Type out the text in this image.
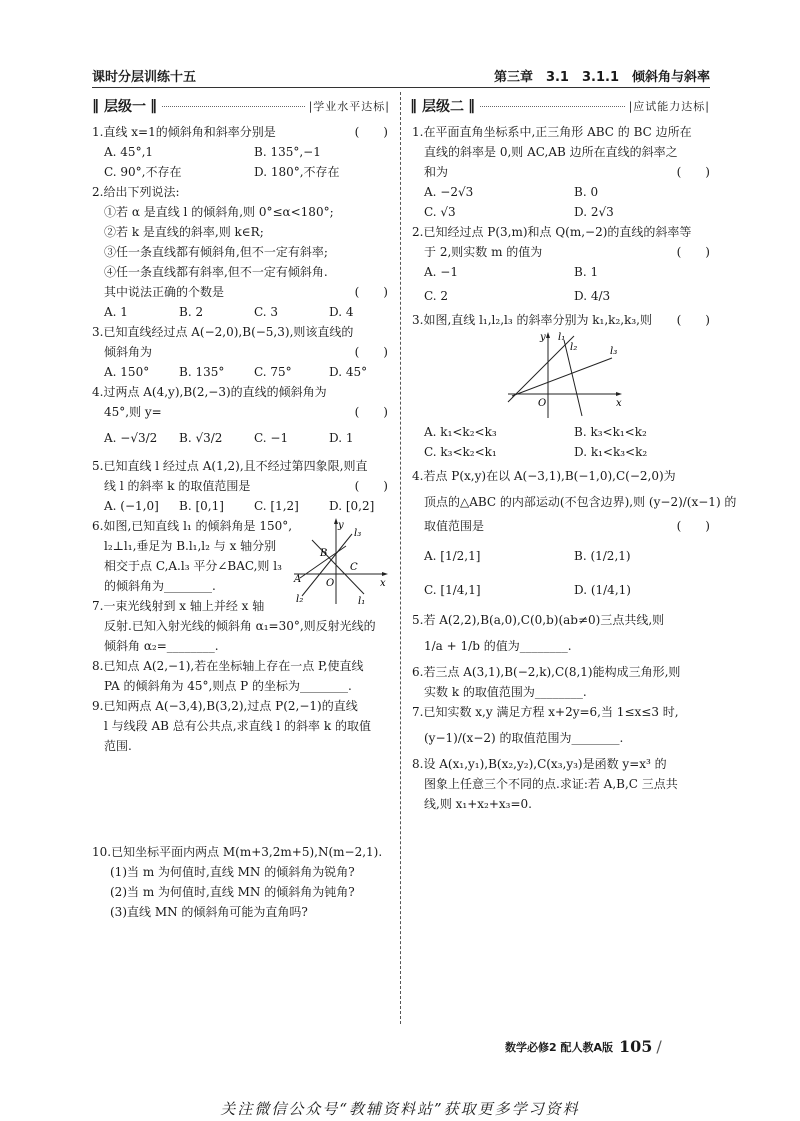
课时分层训练十五	第三章　3.1　3.1.1　倾斜角与斜率
‖ 层级一 ‖	|学业水平达标| ‖ 层级二 ‖	|应试能力达标|

1.直线 x=1的倾斜角和斜率分别是	(　　)
A. 45°,1	B. 135°,−1
C. 90°,不存在	D. 180°,不存在

2.给出下列说法:

①若 α 是直线 l 的倾斜角,则 0°≤α<180°;

②若 k 是直线的斜率,则 k∈R;

③任一条直线都有倾斜角,但不一定有斜率;

④任一条直线都有斜率,但不一定有倾斜角.

其中说法正确的个数是	(　　)
A. 1	B. 2	C. 3	D. 4

3.已知直线经过点 A(−2,0),B(−5,3),则该直线的

倾斜角为	(　　)
A. 150°	B. 135°	C. 75°	D. 45°

4.过两点 A(4,y),B(2,−3)的直线的倾斜角为

45°,则 y=	(　　)
A. −√3/2	B. √3/2	C. −1	D. 1

5.已知直线 l 经过点 A(1,2),且不经过第四象限,则直

线 l 的斜率 k 的取值范围是	(　　)
A. (−1,0]	B. [0,1]	C. [1,2]	D. [0,2]

6.如图,已知直线 l₁ 的倾斜角是 150°,

l₂⊥l₁,垂足为 B.l₁,l₂ 与 x 轴分别

相交于点 C,A.l₃ 平分∠BAC,则 l₃

的倾斜角为________.

y
x
O
B
C
A
l₃
l₁
l₂

7.一束光线射到 x 轴上并经 x 轴

反射.已知入射光线的倾斜角 α₁=30°,则反射光线的

倾斜角 α₂=________.

8.已知点 A(2,−1),若在坐标轴上存在一点 P,使直线

PA 的倾斜角为 45°,则点 P 的坐标为________.

9.已知两点 A(−3,4),B(3,2),过点 P(2,−1)的直线

l 与线段 AB 总有公共点,求直线 l 的斜率 k 的取值

范围.

10.已知坐标平面内两点 M(m+3,2m+5),N(m−2,1).

(1)当 m 为何值时,直线 MN 的倾斜角为锐角?

(2)当 m 为何值时,直线 MN 的倾斜角为钝角?

(3)直线 MN 的倾斜角可能为直角吗?

1.在平面直角坐标系中,正三角形 ABC 的 BC 边所在

直线的斜率是 0,则 AC,AB 边所在直线的斜率之

和为	(　　)
A. −2√3	B. 0
C. √3	D. 2√3

2.已知经过点 P(3,m)和点 Q(m,−2)的直线的斜率等

于 2,则实数 m 的值为	(　　)
A. −1	B. 1
C. 2	D. 4/3

3.如图,直线 l₁,l₂,l₃ 的斜率分别为 k₁,k₂,k₃,则	(　　)
y
x
O
l₁
l₂	l₃
A. k₁<k₂<k₃	B. k₃<k₁<k₂
C. k₃<k₂<k₁	D. k₁<k₃<k₂

4.若点 P(x,y)在以 A(−3,1),B(−1,0),C(−2,0)为

顶点的△ABC 的内部运动(不包含边界),则 (y−2)/(x−1) 的

取值范围是	(　　)
A. [1/2,1]	B. (1/2,1)
C. [1/4,1]	D. (1/4,1)

5.若 A(2,2),B(a,0),C(0,b)(ab≠0)三点共线,则

1/a + 1/b 的值为________.

6.若三点 A(3,1),B(−2,k),C(8,1)能构成三角形,则

实数 k 的取值范围为________.

7.已知实数 x,y 满足方程 x+2y=6,当 1≤x≤3 时,

(y−1)/(x−2) 的取值范围为________.

8.设 A(x₁,y₁),B(x₂,y₂),C(x₃,y₃)是函数 y=x³ 的

图象上任意三个不同的点.求证:若 A,B,C 三点共

线,则 x₁+x₂+x₃=0.

数学必修2 配人教A版 105 /
关注微信公众号“教辅资料站”获取更多学习资料
